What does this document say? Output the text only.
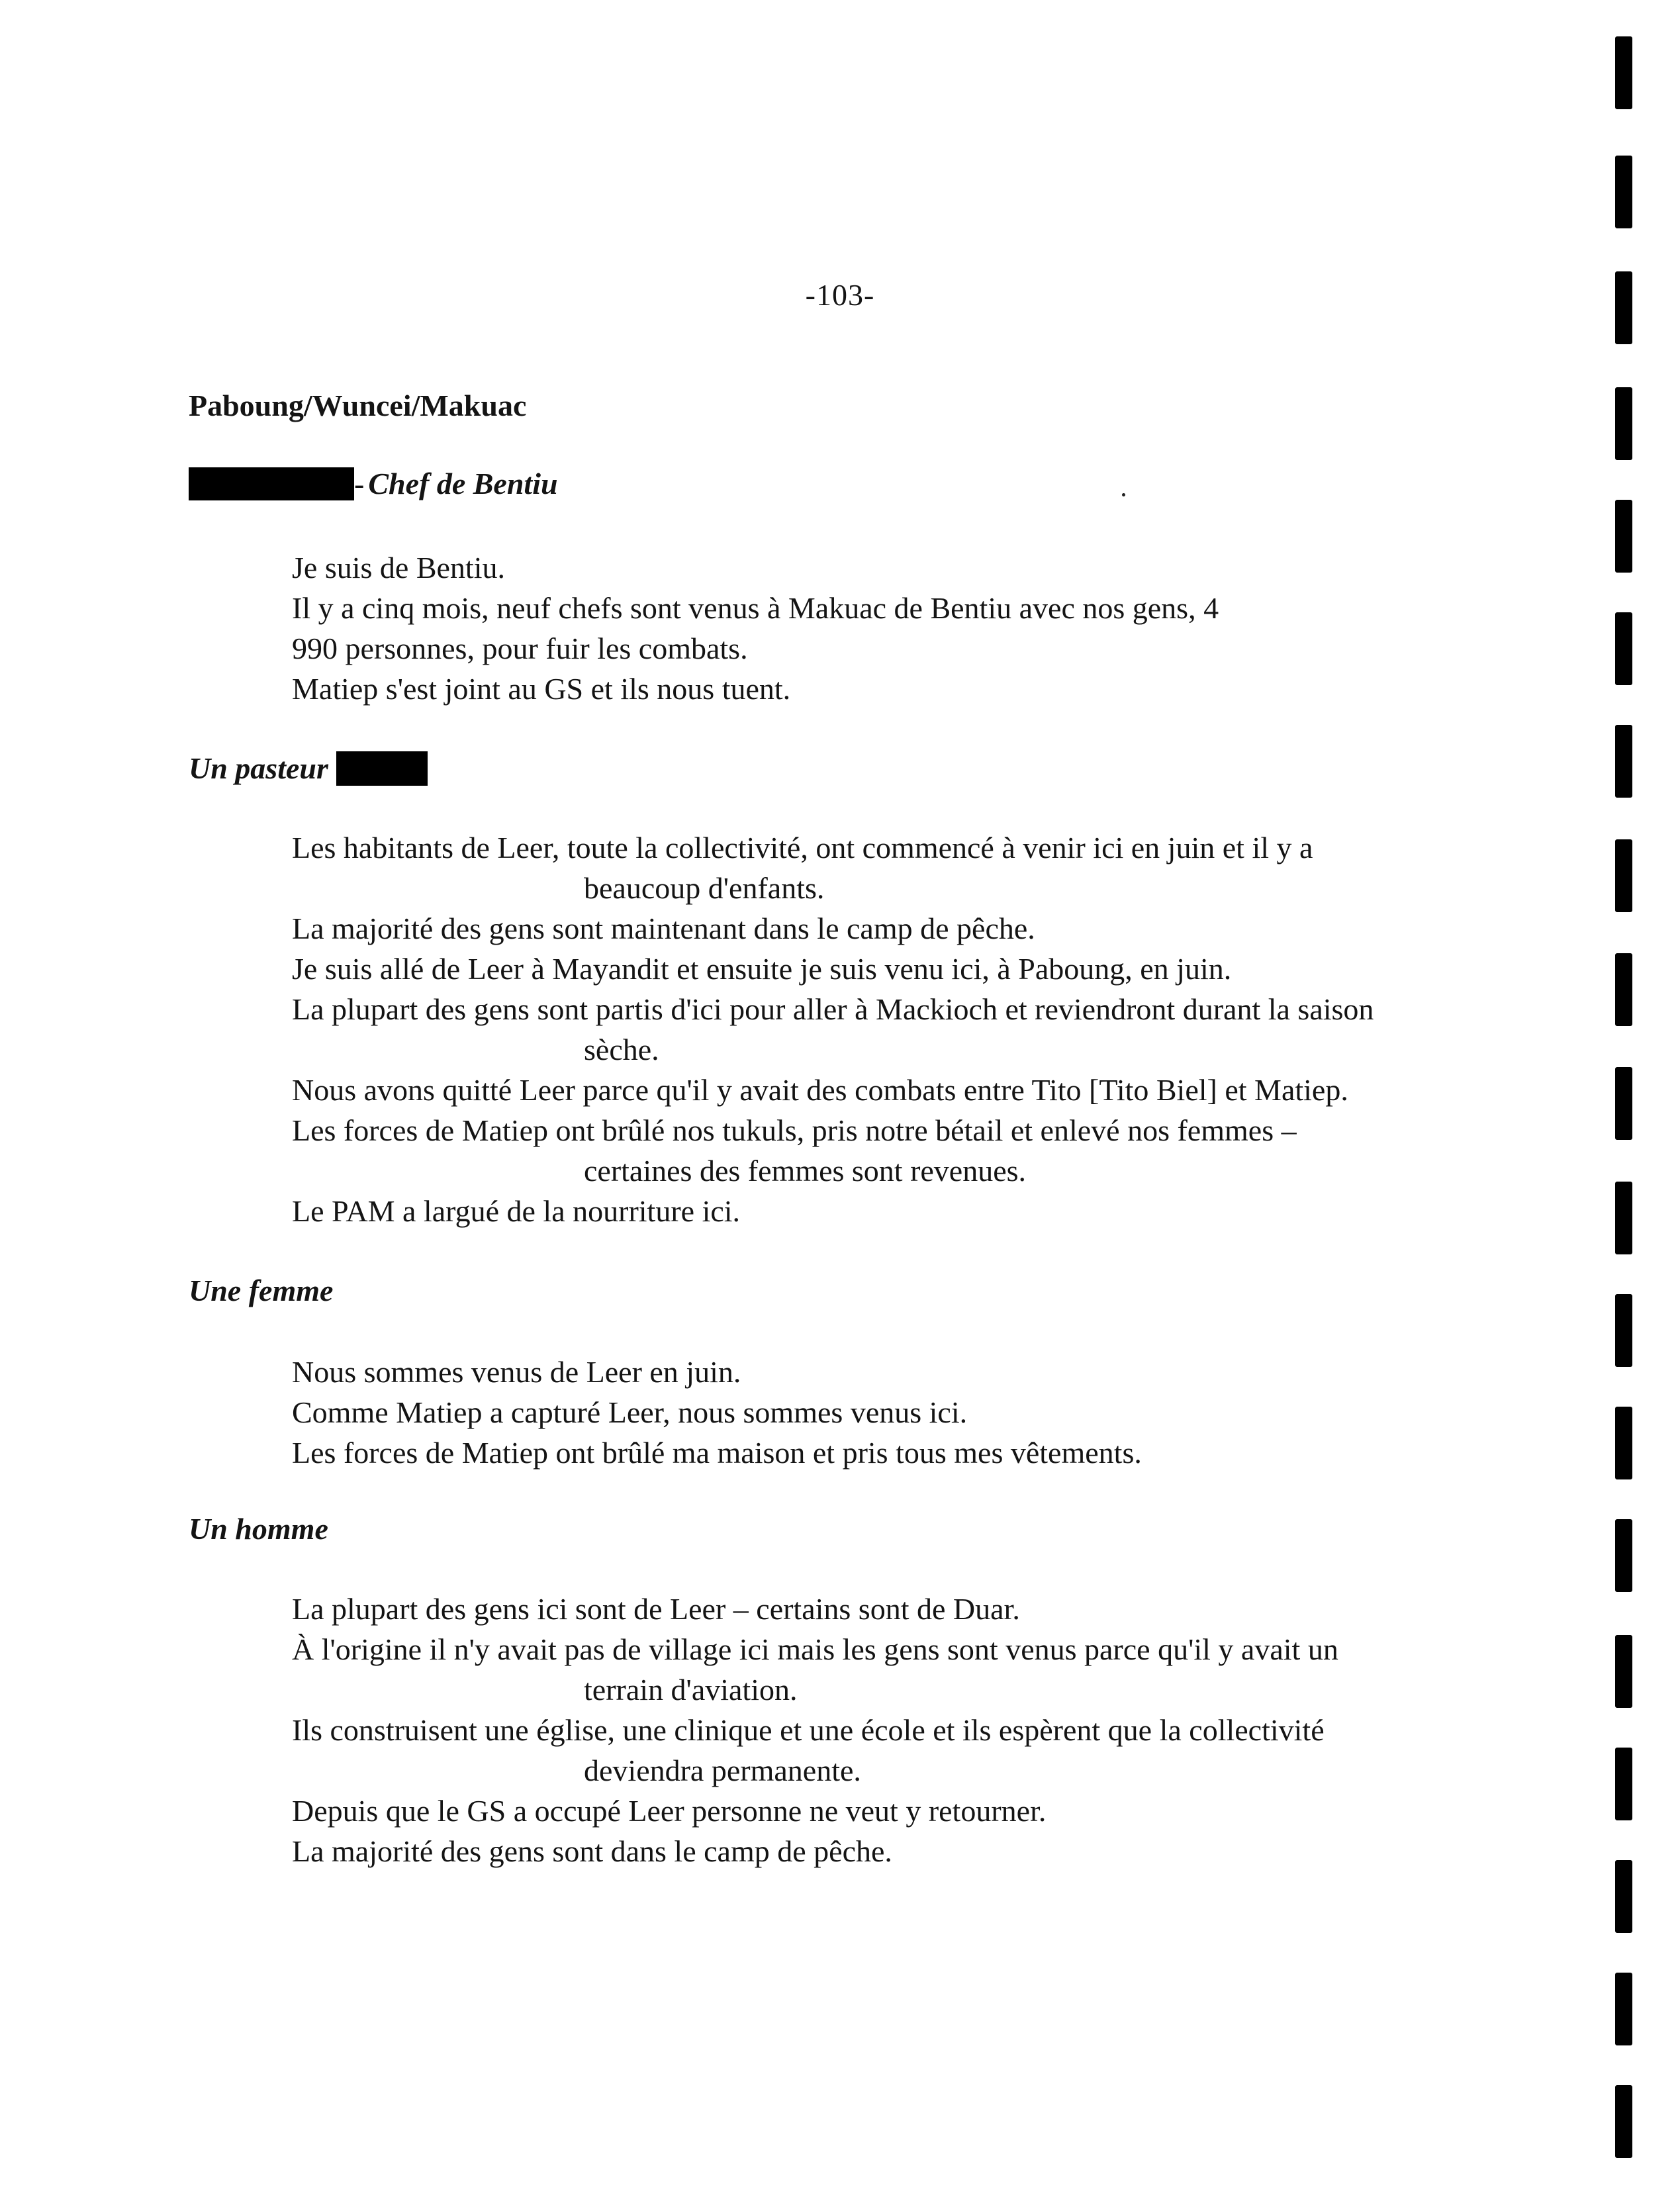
-103-
Paboung/Wuncei/Makuac
- Chef de Bentiu

Je suis de Bentiu.

Il y a cinq mois, neuf chefs sont venus à Makuac de Bentiu avec nos gens, 4

990 personnes, pour fuir les combats.

Matiep s'est joint au GS et ils nous tuent.

Un pasteur

Les habitants de Leer, toute la collectivité, ont commencé à venir ici en juin et il y a

beaucoup d'enfants.

La majorité des gens sont maintenant dans le camp de pêche.

Je suis allé de Leer à Mayandit et ensuite je suis venu ici, à Paboung, en juin.

La plupart des gens sont partis d'ici pour aller à Mackioch et reviendront durant la saison

sèche.

Nous avons quitté Leer parce qu'il y avait des combats entre Tito [Tito Biel] et Matiep.

Les forces de Matiep ont brûlé nos tukuls, pris notre bétail et enlevé nos femmes –

certaines des femmes sont revenues.

Le PAM a largué de la nourriture ici.

Une femme

Nous sommes venus de Leer en juin.

Comme Matiep a capturé Leer, nous sommes venus ici.

Les forces de Matiep ont brûlé ma maison et pris tous mes vêtements.

Un homme

La plupart des gens ici sont de Leer – certains sont de Duar.

À l'origine il n'y avait pas de village ici mais les gens sont venus parce qu'il y avait un

terrain d'aviation.

Ils construisent une église, une clinique et une école et ils espèrent que la collectivité

deviendra permanente.

Depuis que le GS a occupé Leer personne ne veut y retourner.

La majorité des gens sont dans le camp de pêche.
